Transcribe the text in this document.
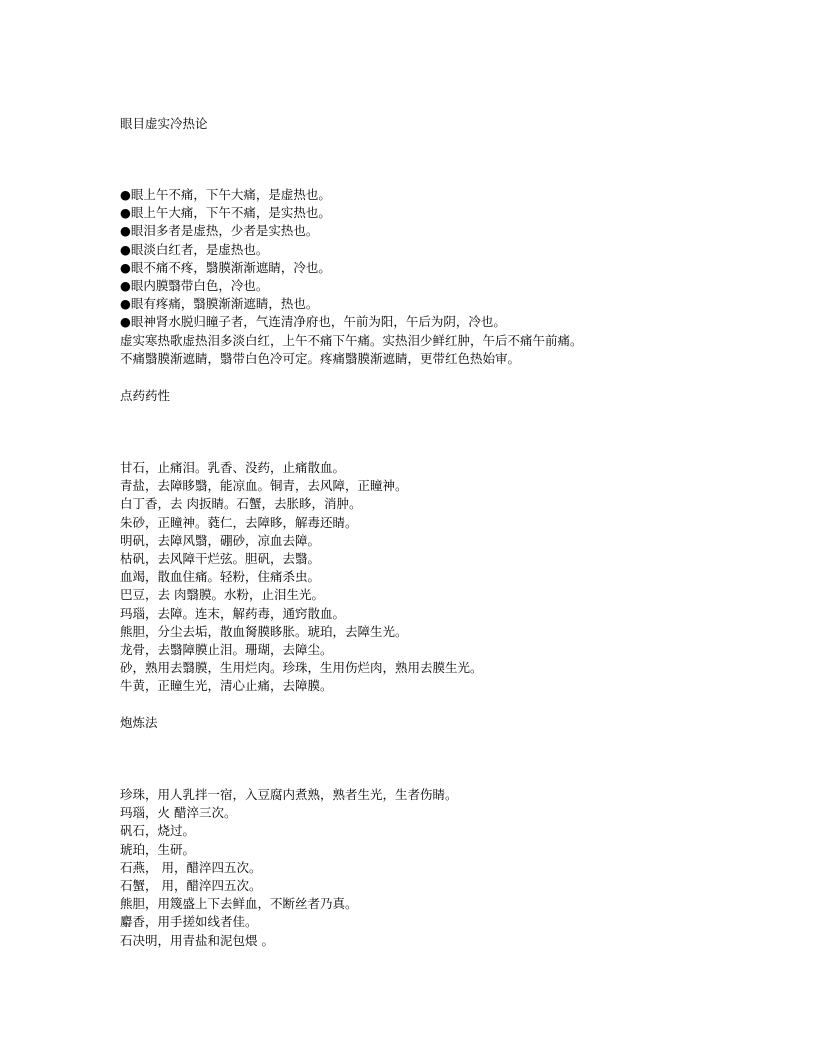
眼目虚实冷热论
●眼上午不痛，下午大痛，是虚热也。
●眼上午大痛，下午不痛，是实热也。
●眼泪多者是虚热，少者是实热也。
●眼淡白红者，是虚热也。
●眼不痛不疼，翳膜渐渐遮睛，冷也。
●眼内膜翳带白色，冷也。
●眼有疼痛，翳膜渐渐遮睛，热也。
●眼神肾水脱归瞳子者，气连清净府也，午前为阳，午后为阴，冷也。
虚实寒热歌虚热泪多淡白红，上午不痛下午痛。实热泪少鲜红肿，午后不痛午前痛。
不痛翳膜渐遮睛，翳带白色冷可定。疼痛翳膜渐遮睛，更带红色热始审。
点药药性
甘石，止痛泪。乳香、没药，止痛散血。
青盐，去障眵翳，能凉血。铜青，去风障，正瞳神。
白丁香，去 肉扳睛。石蟹，去胀眵，消肿。
朱砂，正瞳神。蕤仁，去障眵，解毒还睛。
明矾，去障风翳，硼砂，凉血去障。
枯矾，去风障干烂弦。胆矾，去翳。
血竭，散血住痛。轻粉，住痛杀虫。
巴豆，去 肉翳膜。水粉，止泪生光。
玛瑙，去障。连末，解药毒，通窍散血。
熊胆，分尘去垢，散血胬膜眵胀。琥珀，去障生光。
龙骨，去翳障膜止泪。珊瑚，去障尘。
砂，熟用去翳膜，生用烂肉。珍珠，生用伤烂肉，熟用去膜生光。
牛黄，正瞳生光，清心止痛，去障膜。
炮炼法
珍珠，用人乳拌一宿，入豆腐内煮熟，熟者生光，生者伤睛。
玛瑙，火 醋淬三次。
矾石，烧过。
琥珀，生研。
石燕， 用，醋淬四五次。
石蟹， 用，醋淬四五次。
熊胆，用篾盛上下去鲜血，不断丝者乃真。
麝香，用手搓如线者佳。
石决明，用青盐和泥包煨 。
